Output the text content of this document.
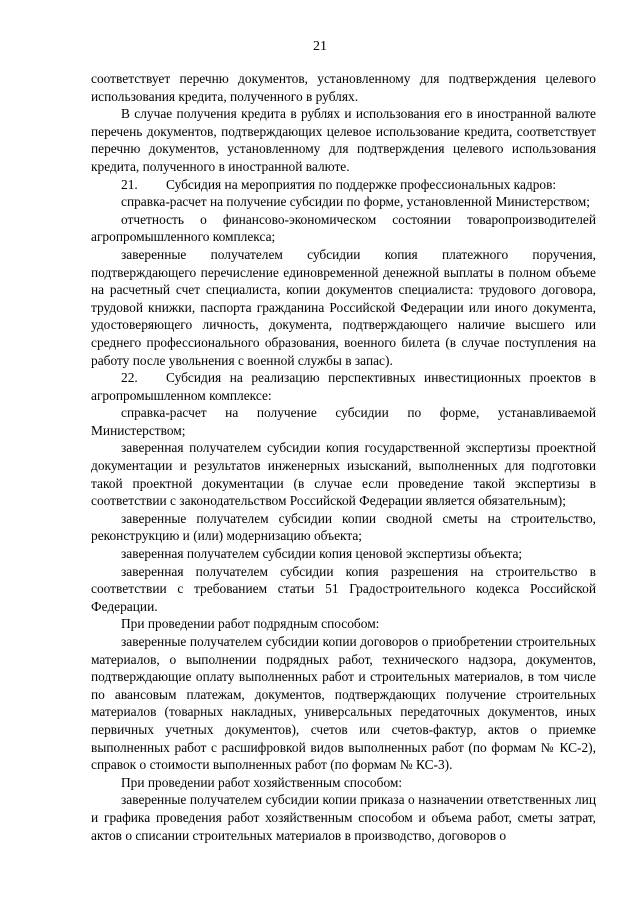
21

соответствует перечню документов, установленному для подтверждения целевого использования кредита, полученного в рублях.

В случае получения кредита в рублях и использования его в иностранной валюте перечень документов, подтверждающих целевое использование кредита, соответствует перечню документов, установленному для подтверждения целевого использования кредита, полученного в иностранной валюте.

21. Субсидия на мероприятия по поддержке профессиональных кадров:

справка-расчет на получение субсидии по форме, установленной Министерством;

отчетность о финансово-экономическом состоянии товаропроизводителей агропромышленного комплекса;

заверенные получателем субсидии копия платежного поручения, подтверждающего перечисление единовременной денежной выплаты в полном объеме на расчетный счет специалиста, копии документов специалиста: трудового договора, трудовой книжки, паспорта гражданина Российской Федерации или иного документа, удостоверяющего личность, документа, подтверждающего наличие высшего или среднего профессионального образования, военного билета (в случае поступления на работу после увольнения с военной службы в запас).

22. Субсидия на реализацию перспективных инвестиционных проектов в агропромышленном комплексе:

справка-расчет на получение субсидии по форме, устанавливаемой Министерством;

заверенная получателем субсидии копия государственной экспертизы проектной документации и результатов инженерных изысканий, выполненных для подготовки такой проектной документации (в случае если проведение такой экспертизы в соответствии с законодательством Российской Федерации является обязательным);

заверенные получателем субсидии копии сводной сметы на строительство, реконструкцию и (или) модернизацию объекта;

заверенная получателем субсидии копия ценовой экспертизы объекта;

заверенная получателем субсидии копия разрешения на строительство в соответствии с требованием статьи 51 Градостроительного кодекса Российской Федерации.

При проведении работ подрядным способом:

заверенные получателем субсидии копии договоров о приобретении строительных материалов, о выполнении подрядных работ, технического надзора, документов, подтверждающие оплату выполненных работ и строительных материалов, в том числе по авансовым платежам, документов, подтверждающих получение строительных материалов (товарных накладных, универсальных передаточных документов, иных первичных учетных документов), счетов или счетов-фактур, актов о приемке выполненных работ с расшифровкой видов выполненных работ (по формам № КС-2), справок о стоимости выполненных работ (по формам № КС-3).

При проведении работ хозяйственным способом:

заверенные получателем субсидии копии приказа о назначении ответственных лиц и графика проведения работ хозяйственным способом и объема работ, сметы затрат, актов о списании строительных материалов в производство, договоров о
